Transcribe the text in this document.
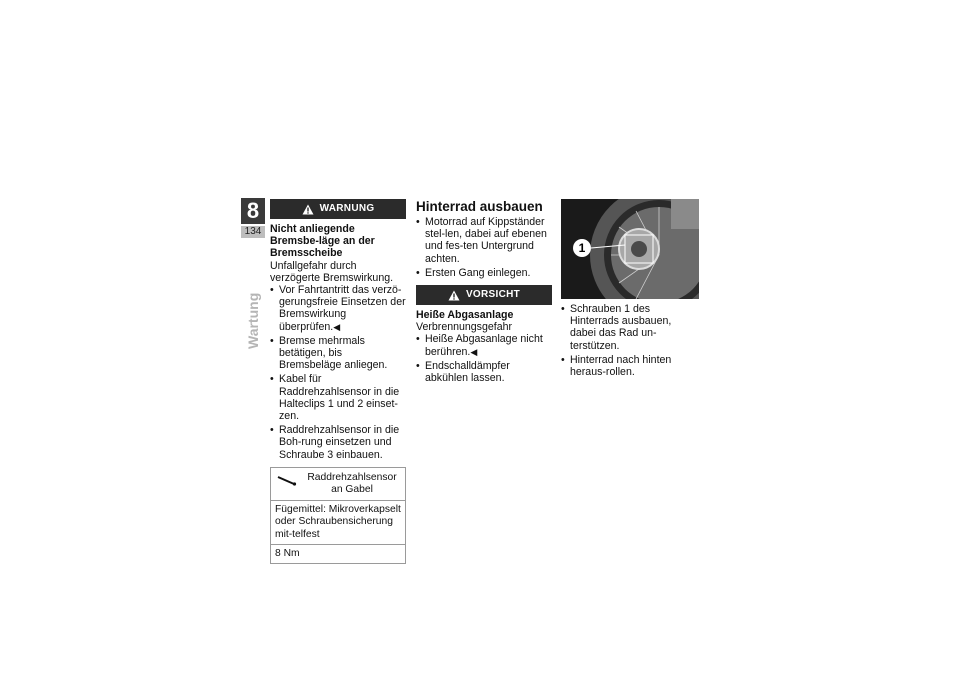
8
134
Wartung
WARNUNG

Nicht anliegende Bremsbe-läge an der Bremsscheibe

Unfallgefahr durch verzögerte Bremswirkung.

• Vor Fahrtantritt das verzö-gerungsfreie Einsetzen der Bremswirkung überprüfen.◀
• Bremse mehrmals betätigen, bis Bremsbeläge anliegen.
• Kabel für Raddrehzahlsensor in die Halteclips 1 und 2 einset-zen.
• Raddrehzahlsensor in die Boh-rung einsetzen und Schraube 3 einbauen.
Raddrehzahlsensor an Gabel
Fügemittel: Mikroverkapselt oder Schraubensicherung mit-telfest
8 Nm
Hinterrad ausbauen
• Motorrad auf Kippständer stel-len, dabei auf ebenen und fes-ten Untergrund achten.
• Ersten Gang einlegen.
VORSICHT

Heiße Abgasanlage

Verbrennungsgefahr

• Heiße Abgasanlage nicht berühren.◀
• Endschalldämpfer abkühlen lassen.
1
• Schrauben 1 des Hinterrads ausbauen, dabei das Rad un-terstützen.
• Hinterrad nach hinten heraus-rollen.
